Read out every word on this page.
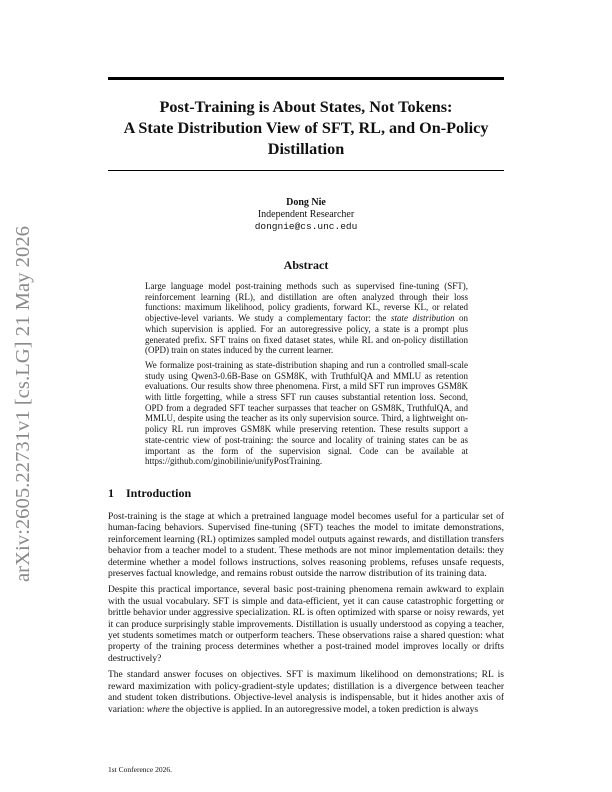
arXiv:2605.22731v1 [cs.LG] 21 May 2026
Post-Training is About States, Not Tokens:
A State Distribution View of SFT, RL, and On-Policy
Distillation
Dong Nie
Independent Researcher
dongnie@cs.unc.edu
Abstract

Large language model post-training methods such as supervised fine-tuning (SFT), reinforcement learning (RL), and distillation are often analyzed through their loss functions: maximum likelihood, policy gradients, forward KL, reverse KL, or related objective-level variants. We study a complementary factor: the state distribution on which supervision is applied. For an autoregressive policy, a state is a prompt plus generated prefix. SFT trains on fixed dataset states, while RL and on-policy distillation (OPD) train on states induced by the current learner.

We formalize post-training as state-distribution shaping and run a controlled small-scale study using Qwen3-0.6B-Base on GSM8K, with TruthfulQA and MMLU as retention evaluations. Our results show three phenomena. First, a mild SFT run improves GSM8K with little forgetting, while a stress SFT run causes substantial retention loss. Second, OPD from a degraded SFT teacher surpasses that teacher on GSM8K, TruthfulQA, and MMLU, despite using the teacher as its only supervision source. Third, a lightweight on-policy RL run improves GSM8K while preserving retention. These results support a state-centric view of post-training: the source and locality of training states can be as important as the form of the supervision signal. Code can be available at https://github.com/ginobilinie/unifyPostTraining.

1 Introduction

Post-training is the stage at which a pretrained language model becomes useful for a particular set of human-facing behaviors. Supervised fine-tuning (SFT) teaches the model to imitate demonstrations, reinforcement learning (RL) optimizes sampled model outputs against rewards, and distillation transfers behavior from a teacher model to a student. These methods are not minor implementation details: they determine whether a model follows instructions, solves reasoning problems, refuses unsafe requests, preserves factual knowledge, and remains robust outside the narrow distribution of its training data.

Despite this practical importance, several basic post-training phenomena remain awkward to explain with the usual vocabulary. SFT is simple and data-efficient, yet it can cause catastrophic forgetting or brittle behavior under aggressive specialization. RL is often optimized with sparse or noisy rewards, yet it can produce surprisingly stable improvements. Distillation is usually understood as copying a teacher, yet students sometimes match or outperform teachers. These observations raise a shared question: what property of the training process determines whether a post-trained model improves locally or drifts destructively?

The standard answer focuses on objectives. SFT is maximum likelihood on demonstrations; RL is reward maximization with policy-gradient-style updates; distillation is a divergence between teacher and student token distributions. Objective-level analysis is indispensable, but it hides another axis of variation: where the objective is applied. In an autoregressive model, a token prediction is always

1st Conference 2026.
